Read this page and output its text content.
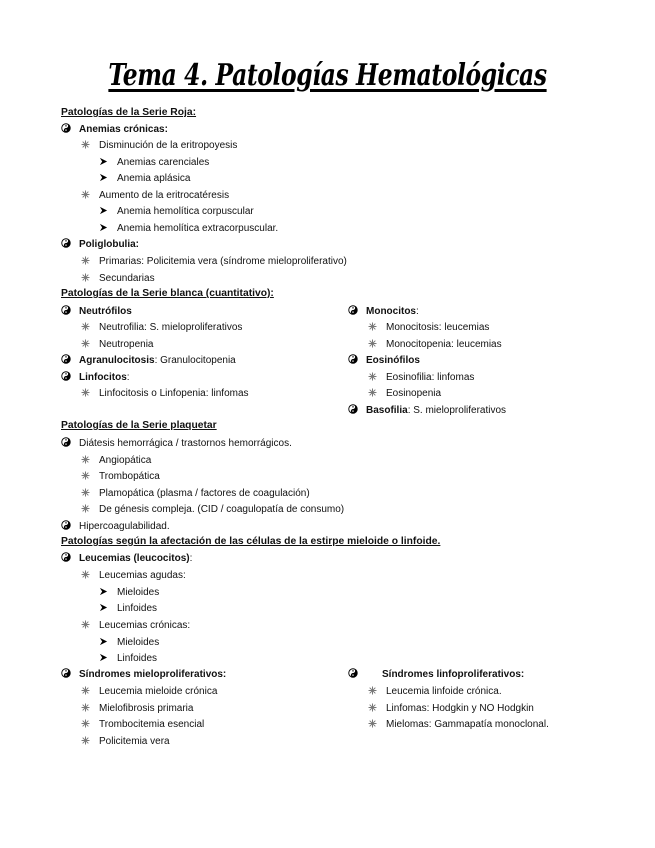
Tema 4. Patologías Hematológicas
Patologías de la Serie Roja:
Anemias crónicas:
Disminución de la eritropoyesis
Anemias carenciales
Anemia aplásica
Aumento de la eritrocatéresis
Anemia hemolítica corpuscular
Anemia hemolítica extracorpuscular.
Poliglobulia:
Primarias: Policitemia vera (síndrome mieloproliferativo)
Secundarias
Patologías de la Serie blanca (cuantitativo):
Neutrófilos
Neutrofilia: S. mieloproliferativos
Neutropenia
Agranulocitosis: Granulocitopenia
Linfocitos:
Linfocitosis o Linfopenia: linfomas
Monocitos:
Monocitosis: leucemias
Monocitopenia: leucemias
Eosinófilos
Eosinofilia: linfomas
Eosinopenia
Basofilia: S. mieloproliferativos
Patologías de la Serie plaquetar
Diátesis hemorrágica / trastornos hemorrágicos.
Angiopática
Trombopática
Plamopática (plasma / factores de coagulación)
De génesis compleja. (CID / coagulopatía de consumo)
Hipercoagulabilidad.
Patologías según la afectación de las células de la estirpe mieloide o linfoide.
Leucemias (leucocitos):
Leucemias agudas:
Mieloides
Linfoides
Leucemias crónicas:
Mieloides
Linfoides
Síndromes mieloproliferativos:
Leucemia mieloide crónica
Mielofibrosis primaria
Trombocitemia esencial
Policitemia vera
Síndromes linfoproliferativos:
Leucemia linfoide crónica.
Linfomas: Hodgkin y NO Hodgkin
Mielomas: Gammapatía monoclonal.
